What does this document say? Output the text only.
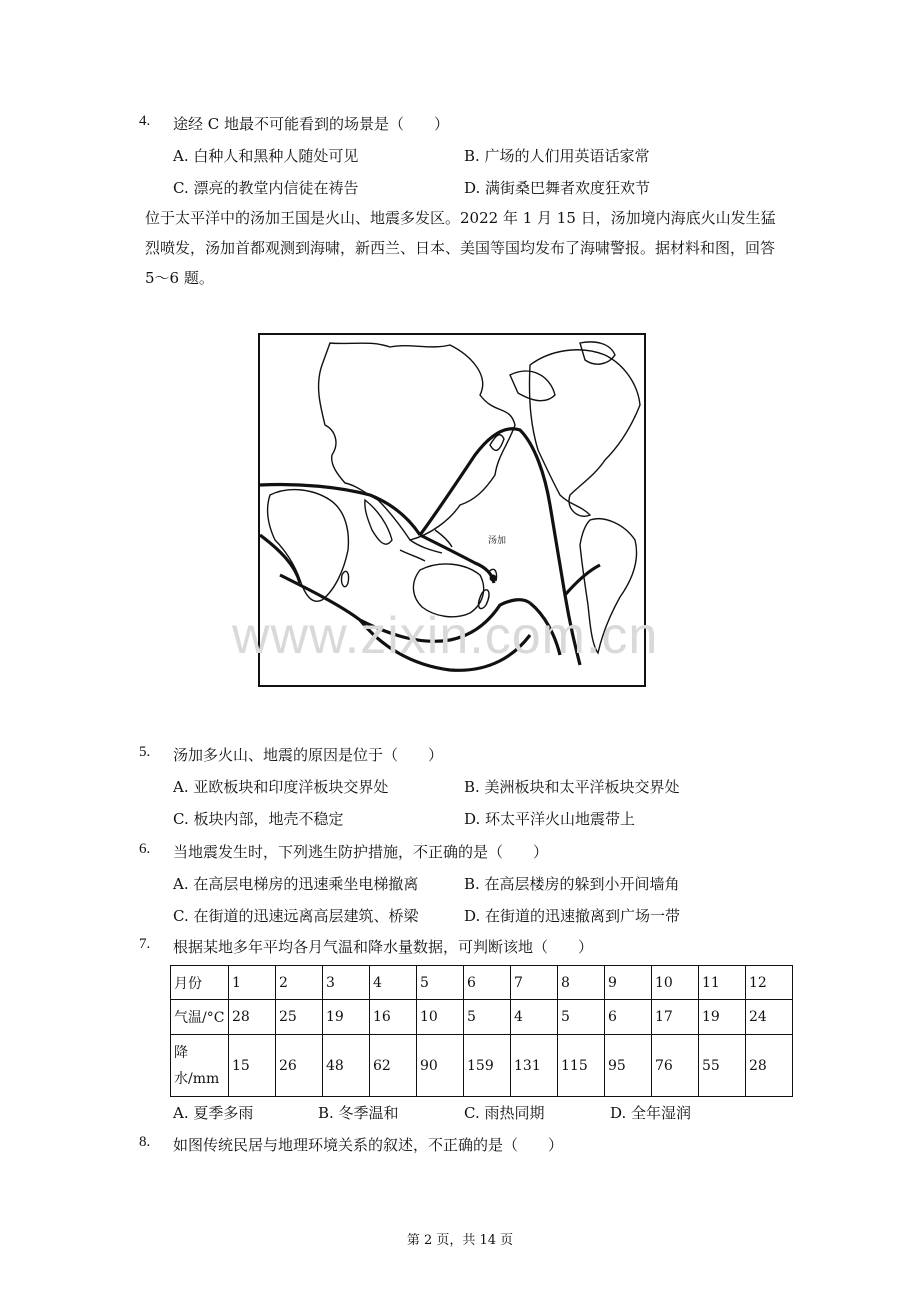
4. 途经 C 地最不可能看到的场景是（　　）
A. 白种人和黑种人随处可见	B. 广场的人们用英语话家常
C. 漂亮的教堂内信徒在祷告	D. 满街桑巴舞者欢度狂欢节
位于太平洋中的汤加王国是火山、地震多发区。2022 年 1 月 15 日，汤加境内海底火山发生猛烈喷发，汤加首都观测到海啸，新西兰、日本、美国等国均发布了海啸警报。据材料和图，回答 5～6 题。
汤加
www.zixin.com.cn
5. 汤加多火山、地震的原因是位于（　　）
A. 亚欧板块和印度洋板块交界处	B. 美洲板块和太平洋板块交界处
C. 板块内部，地壳不稳定	D. 环太平洋火山地震带上
6. 当地震发生时，下列逃生防护措施，不正确的是（　　）
A. 在高层电梯房的迅速乘坐电梯撤离	B. 在高层楼房的躲到小开间墙角
C. 在街道的迅速远离高层建筑、桥梁	D. 在街道的迅速撤离到广场一带
7. 根据某地多年平均各月气温和降水量数据，可判断该地（　　）
月份	1	2	3	4	5	6	7	8	9	10	11	12
气温/°C	28	25	19	16	10	5	4	5	6	17	19	24
降水/mm	15	26	48	62	90	159	131	115	95	76	55	28
A. 夏季多雨	B. 冬季温和	C. 雨热同期	D. 全年湿润
8. 如图传统民居与地理环境关系的叙述，不正确的是（　　）
第 2 页，共 14 页
